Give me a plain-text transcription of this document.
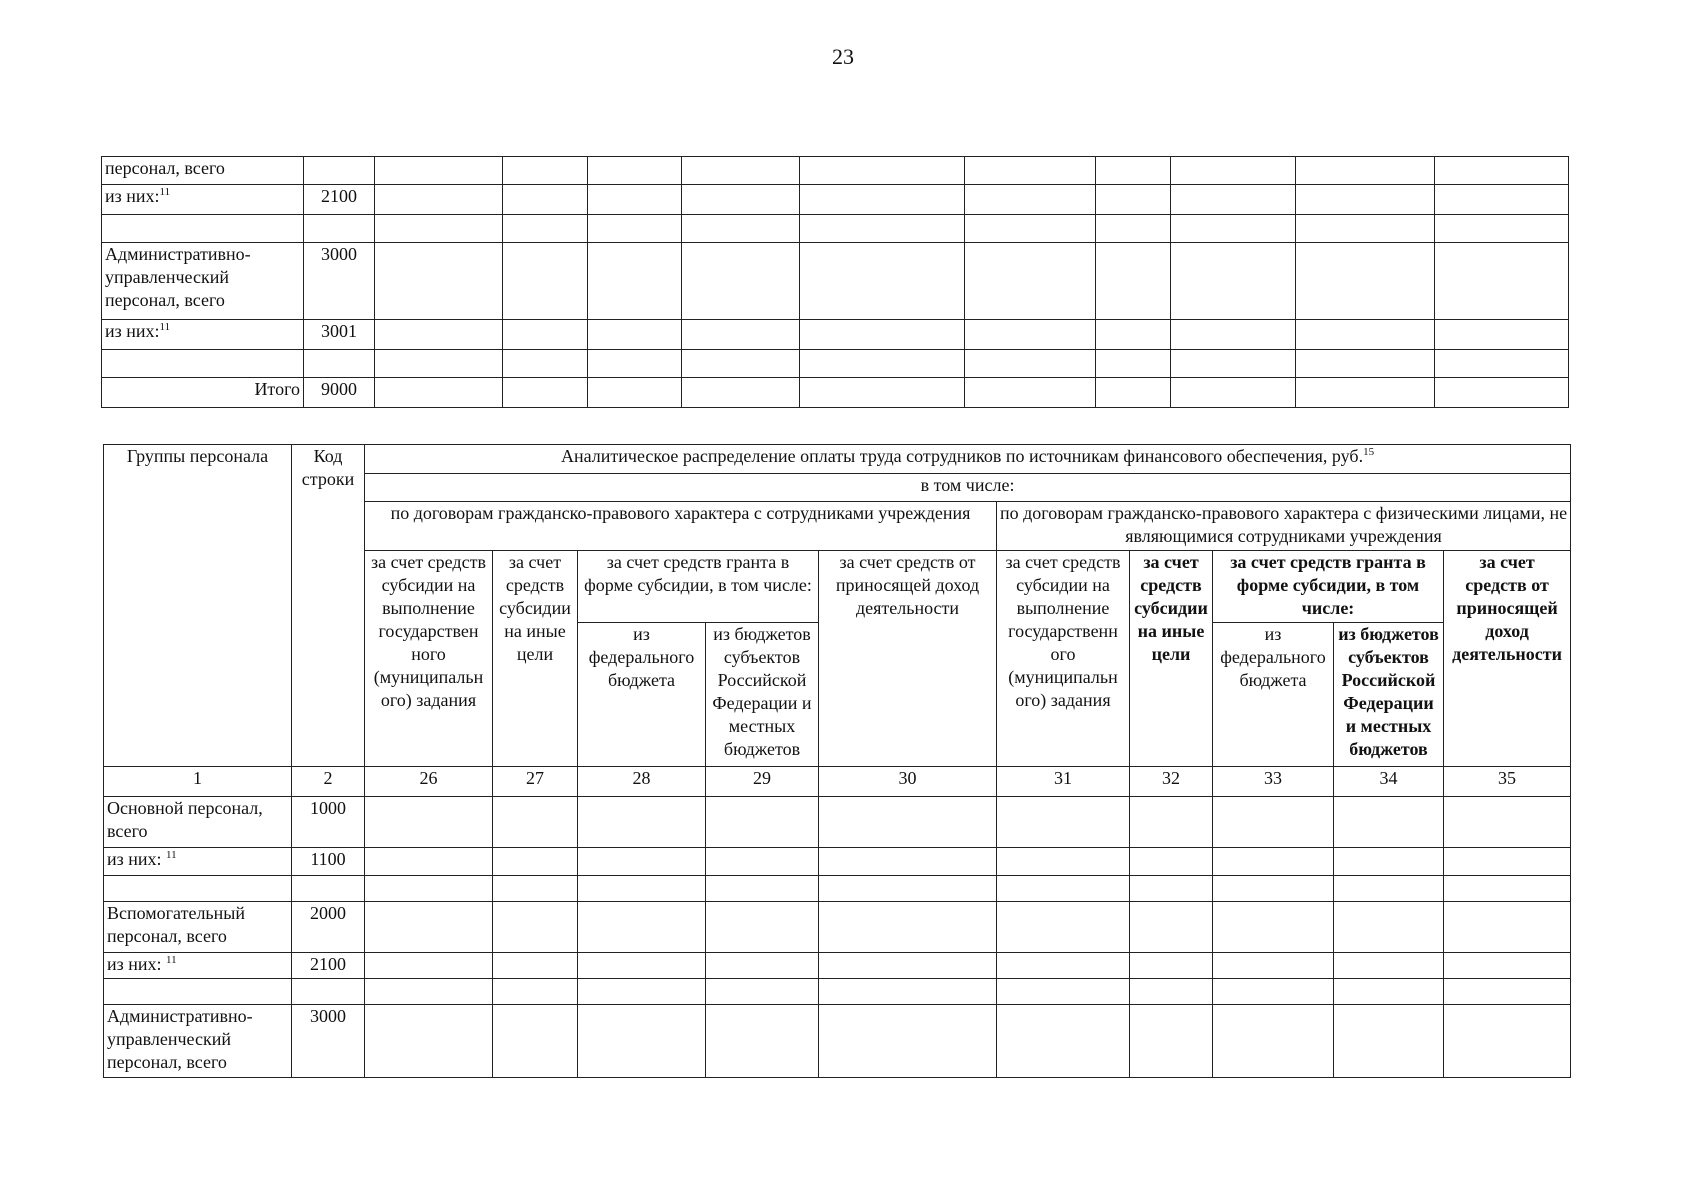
23
персонал, всего											
из них:$^{11}$	2100										

Административно-управленческий персонал, всего	3000										
из них:$^{11}$	3001										

Итого	9000										
Группы персонала	Код строки	Аналитическое распределение оплаты труда сотрудников по источникам финансового обеспечения, руб.$^{15}$
		в том числе:									
		по договорам гражданско-правового характера с сотрудниками учреждения					по договорам гражданско-правового характера с физическими лицами, не являющимися сотрудниками учреждения				
		за счет средств субсидии на выполнение государствен ного (муниципальн ого) задания	за счет средств субсидии на иные цели	за счет средств гранта в форме субсидии, в том числе:		за счет средств от приносящей доход деятельности	за счет средств субсидии на выполнение государственн ого (муниципальн ого) задания	за счет средств субсидии на иные цели	за счет средств гранта в форме субсидии, в том числе:		за счет средств от приносящей доход деятельности
				из федерального бюджета	из бюджетов субъектов Российской Федерации и местных бюджетов				из федерального бюджета	из бюджетов субъектов Российской Федерации и местных бюджетов	

1	2	26	27	28	29	30	31	32	33	34	35
Основной персонал, всего	1000										
из них: $^{11}$	1100										

Вспомогательный персонал, всего	2000										
из них: $^{11}$	2100										

Административно-управленческий персонал, всего	3000										
